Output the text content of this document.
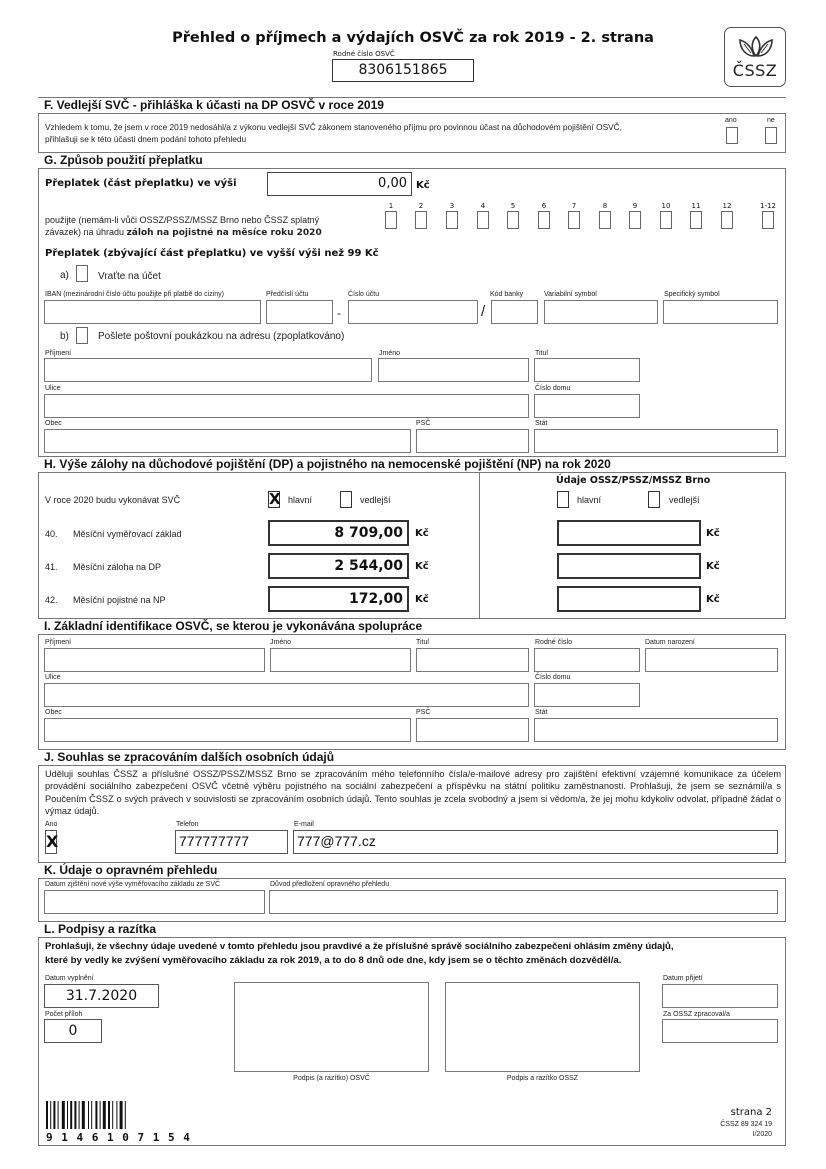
Přehled o příjmech a výdajích OSVČ za rok 2019 - 2. strana
Rodné číslo OSVČ
8306151865	ČSSZ
F. Vedlejší SVČ - přihláška k účasti na DP OSVČ v roce 2019
Vzhledem k tomu, že jsem v roce 2019 nedosáhl/a z výkonu vedlejší SVČ zákonem stanoveného příjmu pro povinnou účast na důchodovém pojištění OSVČ,
přihlašuji se k této účasti dnem podání tohoto přehledu
ano	ne
G. Způsob použití přeplatku
Přeplatek (část přeplatku) ve výši	0,00 Kč
použijte (nemám-li vůči OSSZ/PSSZ/MSSZ Brno nebo ČSSZ splatný
závazek) na úhradu záloh na pojistné na měsíce roku 2020
1	2	3	4	5	6	7	8	9	10	11	12	1-12
Přeplatek (zbývající část přeplatku) ve vyšší výši než 99 Kč
a)	Vraťte na účet
IBAN (mezinárodní číslo účtu použijte při platbě do ciziny)	Předčíslí účtu	Číslo účtu	Kód banky	Variabilní symbol	Specifický symbol
-	/
b)	Pošlete poštovní poukázkou na adresu (zpoplatkováno)
Příjmení	Jméno	Titul
Ulice	Číslo domu
Obec	PSČ	Stát
H. Výše zálohy na důchodové pojištění (DP) a pojistného na nemocenské pojištění (NP) na rok 2020
Údaje OSSZ/PSSZ/MSSZ Brno
V roce 2020 budu vykonávat SVČ	X hlavní	vedlejší	hlavní	vedlejší
40. Měsíční vyměřovací základ	8 709,00 Kč	Kč
41. Měsíční záloha na DP	2 544,00 Kč	Kč
42. Měsíční pojistné na NP	172,00 Kč	Kč
I. Základní identifikace OSVČ, se kterou je vykonávána spolupráce
Příjmení	Jméno	Titul	Rodné číslo	Datum narození
Ulice	Číslo domu
Obec	PSČ	Stát
J. Souhlas se zpracováním dalších osobních údajů
Uděluji souhlas ČSSZ a příslušné OSSZ/PSSZ/MSSZ Brno se zpracováním mého telefonního čísla/e-mailové adresy pro zajištění efektivní vzájemné komunikace za účelem provádění sociálního zabezpečení OSVČ včetně výběru pojistného na sociální zabezpečení a příspěvku na státní politiku zaměstnanosti. Prohlašuji, že jsem se seznámil/a s Poučením ČSSZ o svých právech v souvislosti se zpracováním osobních údajů. Tento souhlas je zcela svobodný a jsem si vědom/a, že jej mohu kdykoliv odvolat, případně žádat o výmaz údajů.
Ano
X
Telefon
777777777
E-mail
777@777.cz
K. Údaje o opravném přehledu
Datum zjištění nové výše vyměřovacího základu ze SVČ	Důvod předložení opravného přehledu
L. Podpisy a razítka
Prohlašuji, že všechny údaje uvedené v tomto přehledu jsou pravdivé a že příslušné správě sociálního zabezpečení ohlásím změny údajů,
které by vedly ke zvýšení vyměřovacího základu za rok 2019, a to do 8 dnů ode dne, kdy jsem se o těchto změnách dozvěděl/a.
Datum vyplnění
31.7.2020
Počet příloh
0
Podpis (a razítko) OSVČ	Podpis a razítko OSSZ
Datum přijetí
Za OSSZ zpracoval/a
9 1 4 6 1 0 7 1 5 4
strana 2
ČSSZ 89 324 19
I/2020
